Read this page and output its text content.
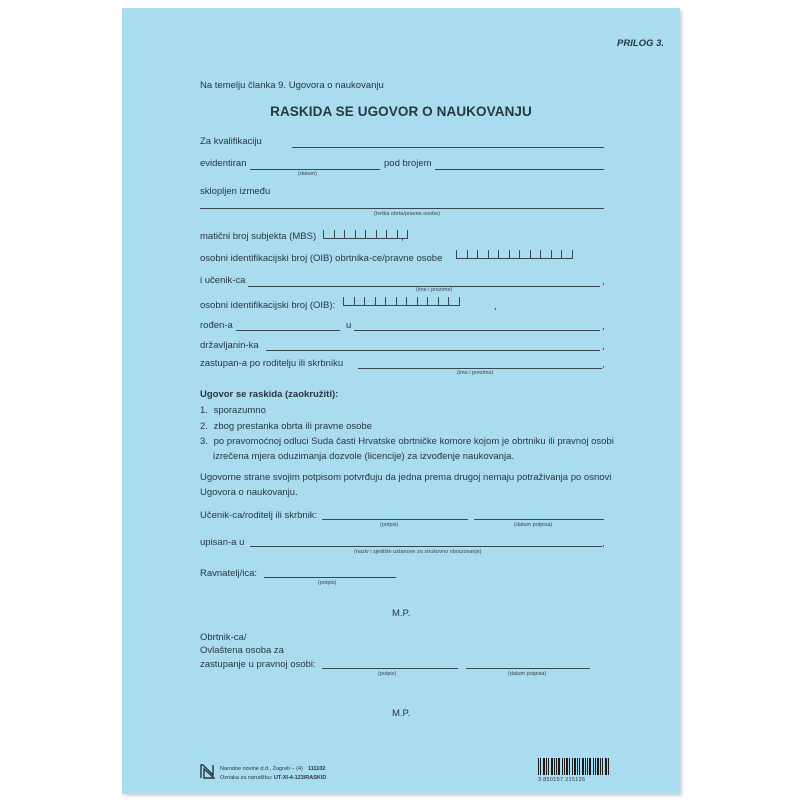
PRILOG 3.
Na temelju članka 9. Ugovora o naukovanju
RASKIDA SE UGOVOR O NAUKOVANJU
Za kvalifikaciju
evidentiran
(datum)
pod brojem
sklopljen između
(tvrtka obrta/pravne osobe)
matični broj subjekta (MBS)	,
osobni identifikacijski broj (OIB) obrtnika-ce/pravne osobe
i učenik-ca	,
(ime i prezime)
osobni identifikacijski broj (OIB):	,
rođen-a	u	,
državljanin-ka	,
zastupan-a po roditelju ili skrbniku	,
(ime i prezime)
Ugovor se raskida (zaokružiti):
1. sporazumno
2. zbog prestanka obrta ili pravne osobe
3. po pravomoćnoj odluci Suda časti Hrvatske obrtničke komore kojom je obrtniku ili pravnoj osobi
izrečena mjera oduzimanja dozvole (licencije) za izvođenje naukovanja.
Ugovorne strane svojim potpisom potvrđuju da jedna prema drugoj nemaju potraživanja po osnovi
Ugovora o naukovanju.
Učenik-ca/roditelj ili skrbnik:
(potpis)	(datum potpisa)
upisan-a u	,
(naziv i sjedište ustanove za strukovno obrazovanje)
Ravnatelj/ica:
(potpis)
M.P.
Obrtnik-ca/
Ovlaštena osoba za
zastupanje u pravnoj osobi:
(potpis)	(datum potpisa)
M.P.
Narodne novine d.d., Zagreb – (4) 111102
Oznaka za narudžbu: UT-XI-4-123/RASKID	3 850157 215126
